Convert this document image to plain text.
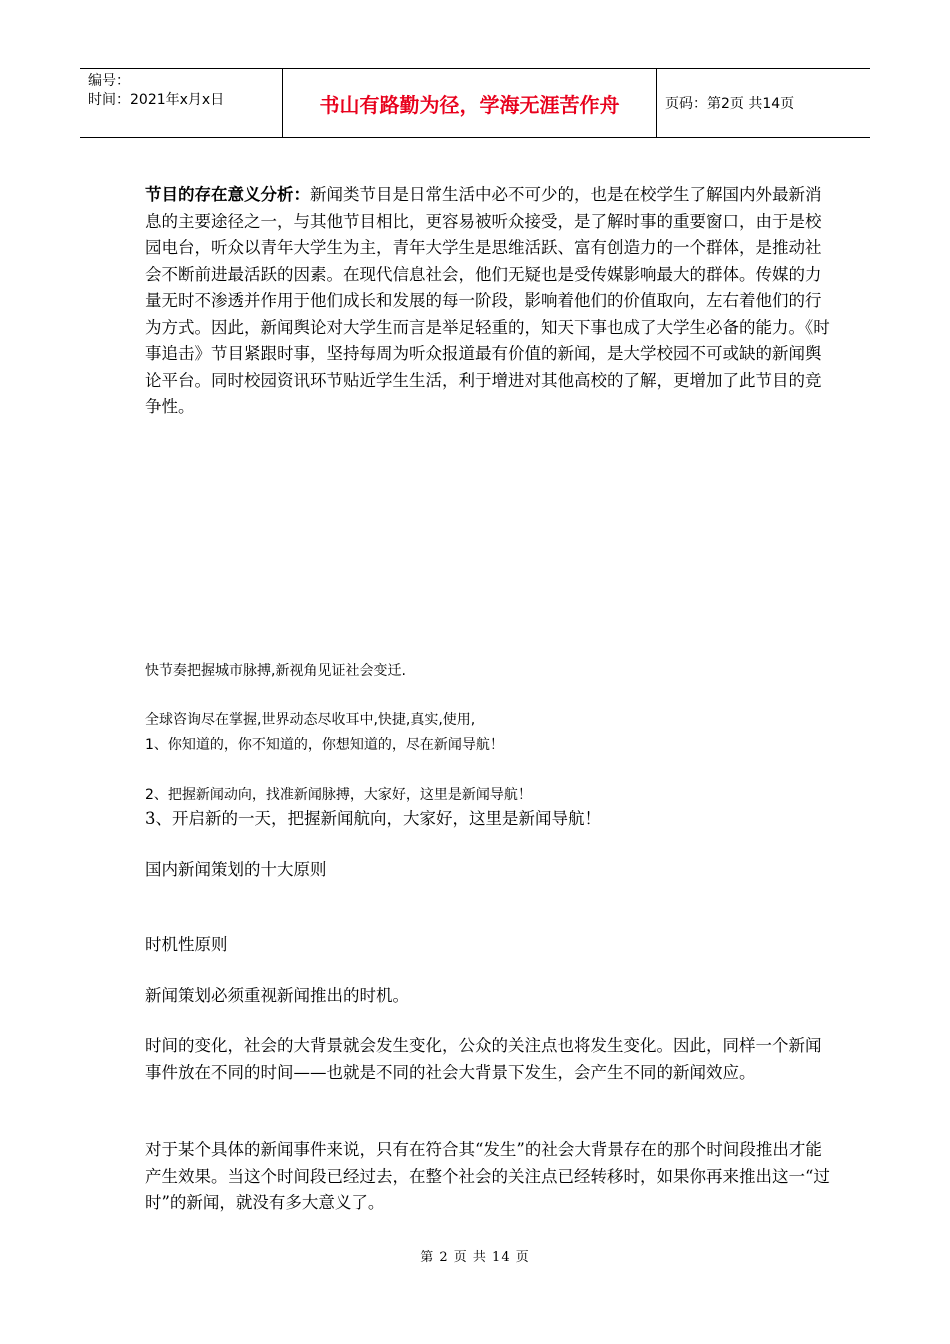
编号：
时间：2021年x月x日	书山有路勤为径，学海无涯苦作舟	页码：第2页 共14页

节目的存在意义分析：新闻类节目是日常生活中必不可少的，也是在校学生了解国内外最新消息的主要途径之一，与其他节目相比，更容易被听众接受，是了解时事的重要窗口，由于是校园电台，听众以青年大学生为主，青年大学生是思维活跃、富有创造力的一个群体，是推动社会不断前进最活跃的因素。在现代信息社会，他们无疑也是受传媒影响最大的群体。传媒的力量无时不渗透并作用于他们成长和发展的每一阶段，影响着他们的价值取向，左右着他们的行为方式。因此，新闻舆论对大学生而言是举足轻重的，知天下事也成了大学生必备的能力。《时事追击》节目紧跟时事，坚持每周为听众报道最有价值的新闻，是大学校园不可或缺的新闻舆论平台。同时校园资讯环节贴近学生生活，利于增进对其他高校的了解，更增加了此节目的竞争性。

快节奏把握城市脉搏,新视角见证社会变迁.
全球咨询尽在掌握,世界动态尽收耳中,快捷,真实,使用,
1、你知道的，你不知道的，你想知道的，尽在新闻导航！
2、把握新闻动向，找准新闻脉搏，大家好，这里是新闻导航！
3、开启新的一天，把握新闻航向，大家好，这里是新闻导航！
国内新闻策划的十大原则
时机性原则
新闻策划必须重视新闻推出的时机。

时间的变化，社会的大背景就会发生变化，公众的关注点也将发生变化。因此，同样一个新闻事件放在不同的时间——也就是不同的社会大背景下发生，会产生不同的新闻效应。

对于某个具体的新闻事件来说，只有在符合其“发生”的社会大背景存在的那个时间段推出才能产生效果。当这个时间段已经过去，在整个社会的关注点已经转移时，如果你再来推出这一“过时”的新闻，就没有多大意义了。

第 2 页 共 14 页
